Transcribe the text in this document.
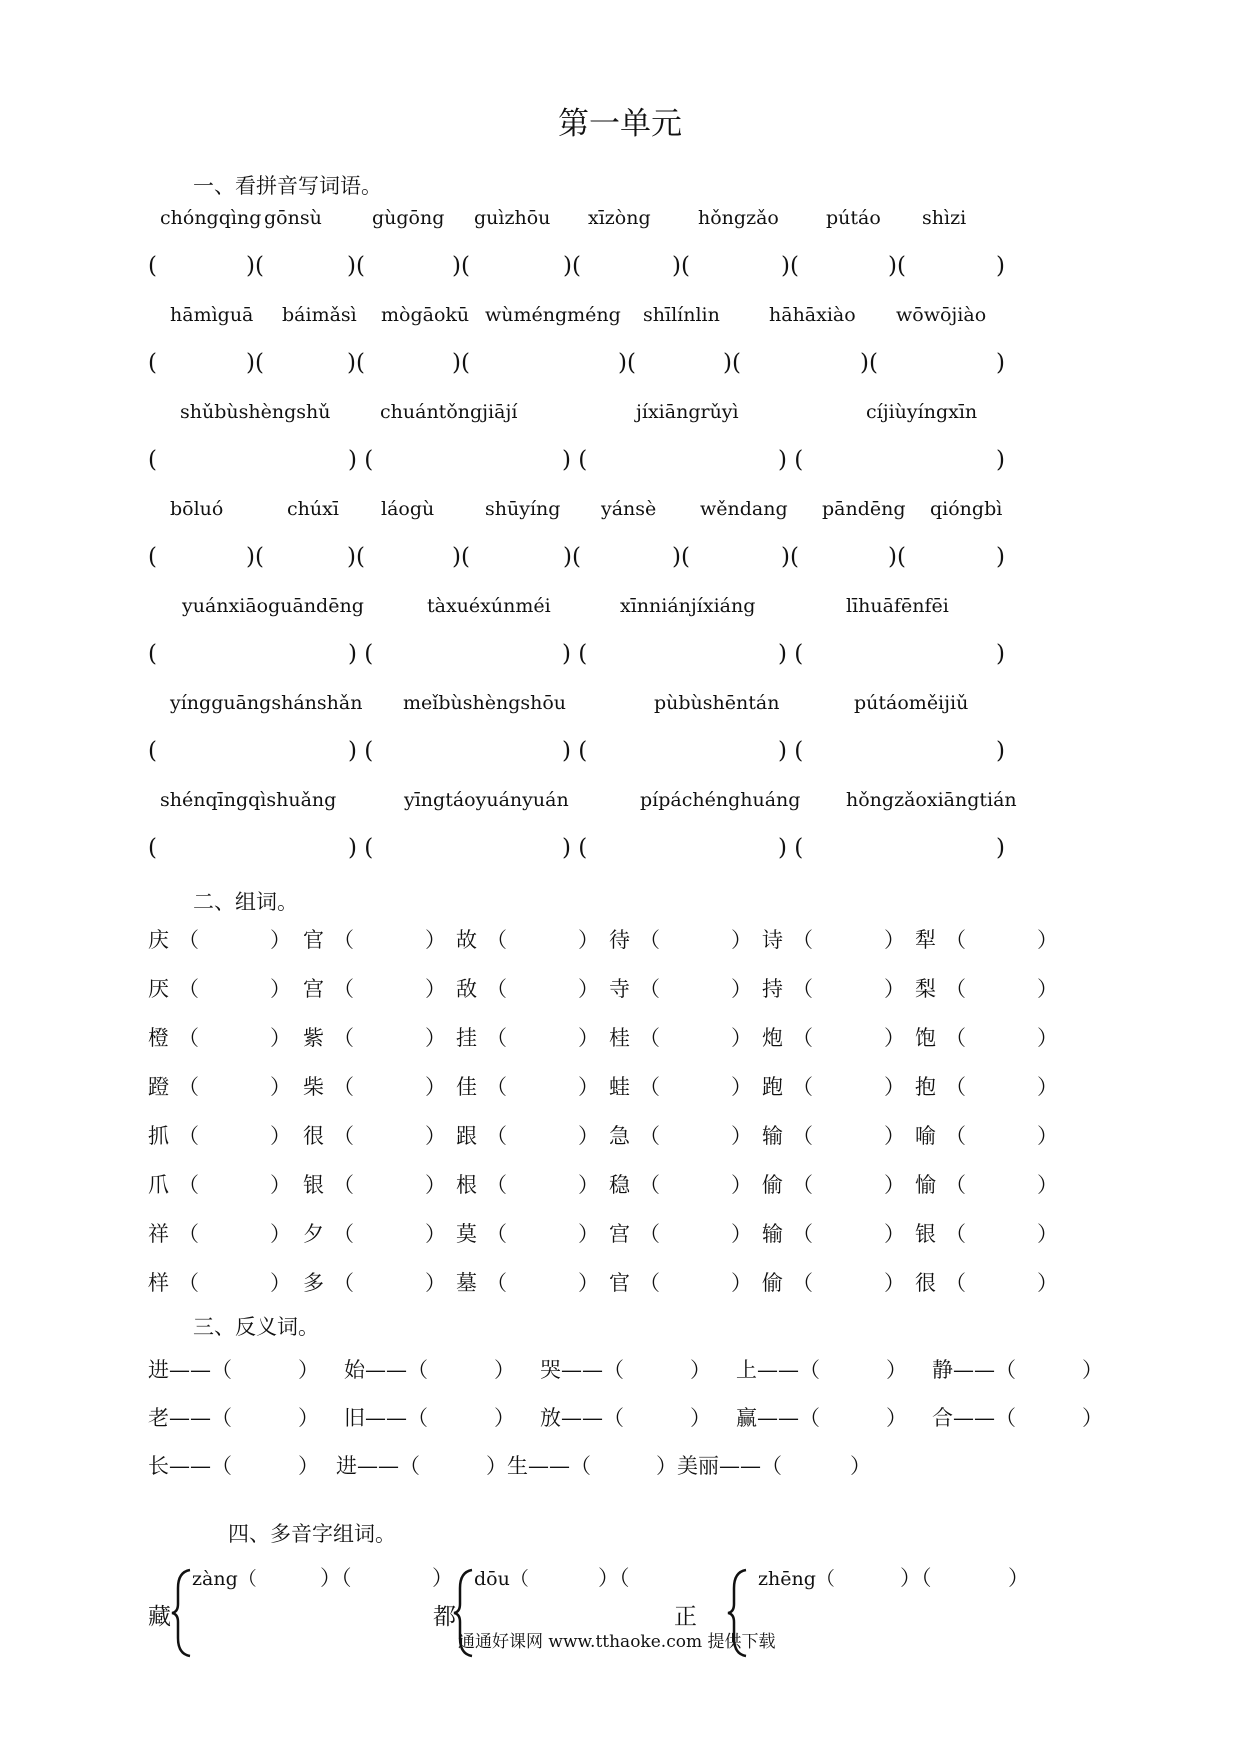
第一单元
一、看拼音写词语。
chóngqìng gōnsù	gùgōng guìzhōu xīzòng hǒngzǎo pútáo shìzi
(	)(	)(	)(	)(	)(	)(	)(	)
hāmìguā báimǎsì mògāokū wùméngméng shīlínlin	hāhāxiào wōwōjiào
(	)(	)(	)(	)(	)(	)(	)
shǔbùshèngshǔ	chuántǒngjiājí	jíxiāngrǔyì	cíjiùyíngxīn
(	) (	) (	) (	)
bōluó	chúxī láogù	shūyíng yánsè wěndang pāndēng qióngbì
(	)(	)(	)(	)(	)(	)(	)(	)
yuánxiāoguāndēng	tàxuéxúnméi	xīnniánjíxiáng	līhuāfēnfēi
(	) (	) (	) (	)
yíngguāngshánshǎn meǐbùshèngshōu	pùbùshēntán	pútáoměijiǔ
(	) (	) (	) (	)
shénqīngqìshuǎng	yīngtáoyuányuán	pípáchénghuáng hǒngzǎoxiāngtián
(	) (	) (	) (	)
二、组词。
庆 （	） 官 （	） 故 （	） 待 （	） 诗 （	） 犁 （	）
厌 （	） 宫 （	） 敌 （	） 寺 （	） 持 （	） 梨 （	）
橙 （	） 紫 （	） 挂 （	） 桂 （	） 炮 （	） 饱 （	）
蹬 （	） 柴 （	） 佳 （	） 蛙 （	） 跑 （	） 抱 （	）
抓 （	） 很 （	） 跟 （	） 急 （	） 输 （	） 喻 （	）
爪 （	） 银 （	） 根 （	） 稳 （	） 偷 （	） 愉 （	）
祥 （	） 夕 （	） 莫 （	） 宫 （	） 输 （	） 银 （	）
样 （	） 多 （	） 墓 （	） 官 （	） 偷 （	） 很 （	）
三、反义词。
进——（	） 始——（	） 哭——（	） 上——（	） 静——（	）
老——（	） 旧——（	） 放——（	） 赢——（	） 合——（	）
长——（	） 进——（	）生——（	）美丽——（	）
四、多音字组词。
藏
zàng（	）（	）
都
dōu（	）（
正
zhēng（	）（	）
通通好课网 www.tthaoke.com 提供下载
